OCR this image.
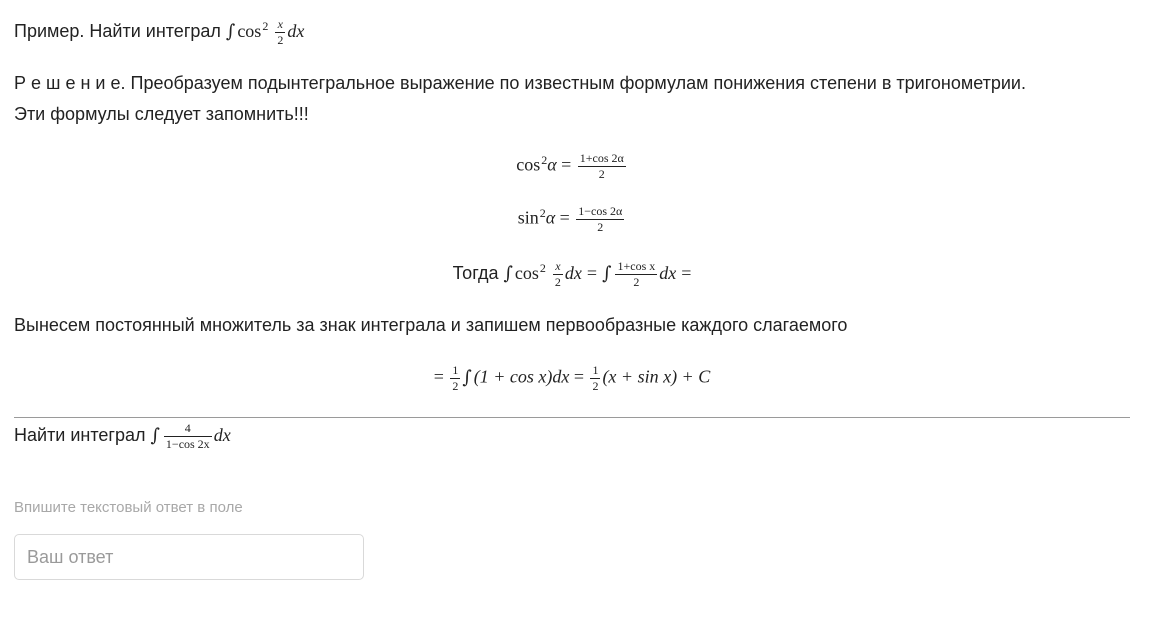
Пример. Найти интеграл ∫ $\cos^2 \frac{x}{2}$ dx
Р е ш е н и е. Преобразуем подынтегральное выражение по известным формулам понижения степени в тригонометрии.
Эти формулы следует запомнить!!!
$\cos^2\alpha = \frac{1+\cos 2\alpha}{2}$
$\sin^2\alpha = \frac{1-\cos 2\alpha}{2}$
Тогда ∫ $\cos^2 \frac{x}{2}$ dx = ∫ $\frac{\text{1+cos x}}{2}$ dx =
Вынесем постоянный множитель за знак интеграла и запишем первообразные каждого слагаемого
= $\frac{1}{2}$ ∫ $(1 + \cos x)dx = \frac{1}{2} (x + \sin x) + C$
Найти интеграл ∫ $\frac{4}{1-\cos 2x}$ dx
Впишите текстовый ответ в поле
Ваш ответ
